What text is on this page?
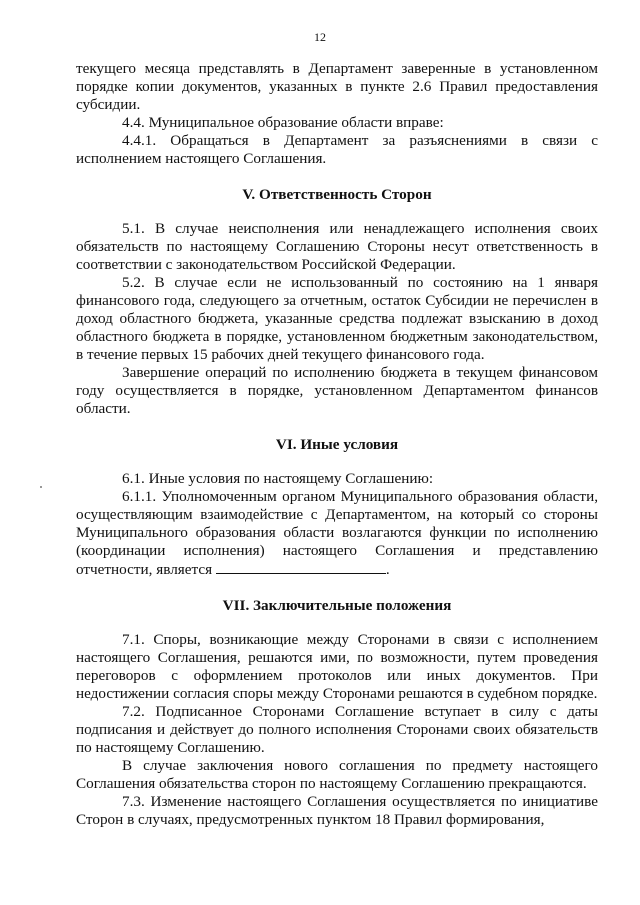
12

текущего месяца представлять в Департамент заверенные в установленном порядке копии документов, указанных в пункте 2.6 Правил предоставления субсидии.

4.4. Муниципальное образование области вправе:

4.4.1. Обращаться в Департамент за разъяснениями в связи с исполнением настоящего Соглашения.

V. Ответственность Сторон

5.1. В случае неисполнения или ненадлежащего исполнения своих обязательств по настоящему Соглашению Стороны несут ответственность в соответствии с законодательством Российской Федерации.

5.2. В случае если не использованный по состоянию на 1 января финансового года, следующего за отчетным, остаток Субсидии не перечислен в доход областного бюджета, указанные средства подлежат взысканию в доход областного бюджета в порядке, установленном бюджетным законодательством, в течение первых 15 рабочих дней текущего финансового года.

Завершение операций по исполнению бюджета в текущем финансовом году осуществляется в порядке, установленном Департаментом финансов области.

VI. Иные условия

6.1. Иные условия по настоящему Соглашению:

6.1.1. Уполномоченным органом Муниципального образования области, осуществляющим взаимодействие с Департаментом, на который со стороны Муниципального образования области возлагаются функции по исполнению (координации исполнения) настоящего Соглашения и представлению отчетности, является	.

VII. Заключительные положения

7.1. Споры, возникающие между Сторонами в связи с исполнением настоящего Соглашения, решаются ими, по возможности, путем проведения переговоров с оформлением протоколов или иных документов. При недостижении согласия споры между Сторонами решаются в судебном порядке.

7.2. Подписанное Сторонами Соглашение вступает в силу с даты подписания и действует до полного исполнения Сторонами своих обязательств по настоящему Соглашению.

В случае заключения нового соглашения по предмету настоящего Соглашения обязательства сторон по настоящему Соглашению прекращаются.

7.3. Изменение настоящего Соглашения осуществляется по инициативе Сторон в случаях, предусмотренных пунктом 18 Правил формирования,
